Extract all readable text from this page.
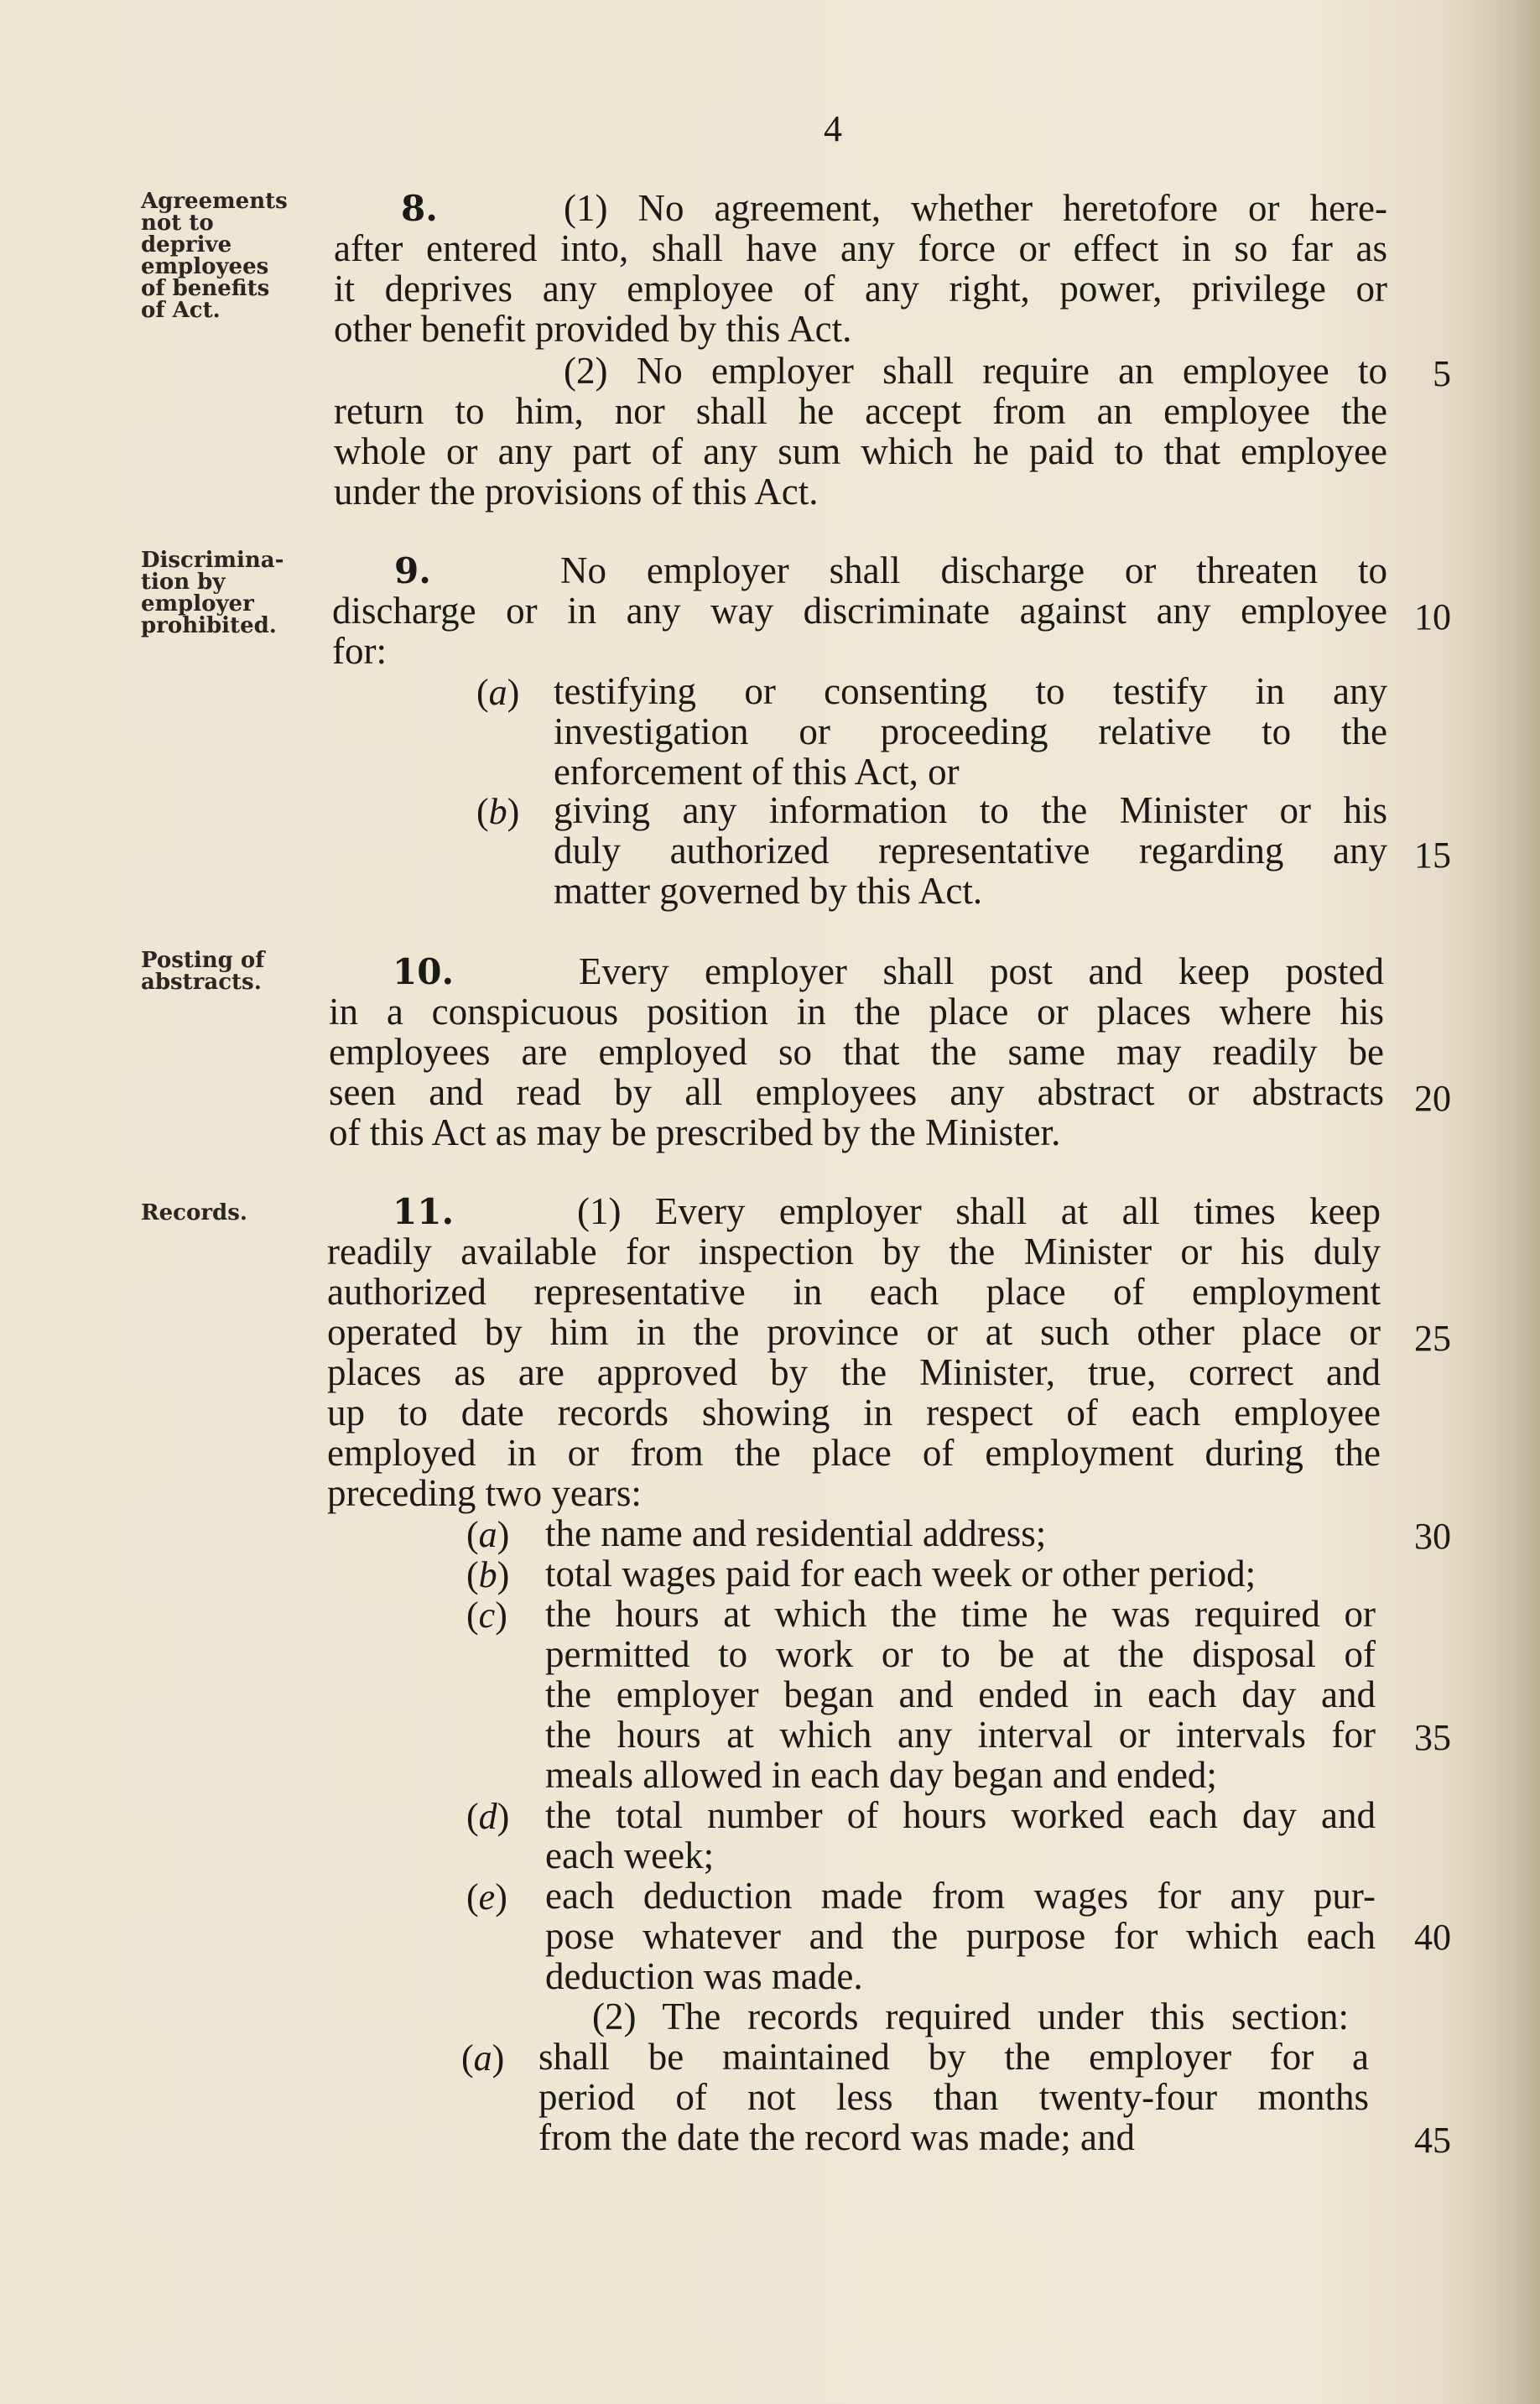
4
Agreements
not to
deprive
employees
of benefits
of Act.
Discrimina-
tion by
employer
prohibited.
Posting of
abstracts.
Records.
8.	(1) No agreement, whether heretofore or here-
after entered into, shall have any force or effect in so far as
it deprives any employee of any right, power, privilege or
other benefit provided by this Act.
(2) No employer shall require an employee to
return to him, nor shall he accept from an employee the
whole or any part of any sum which he paid to that employee
under the provisions of this Act.
9.	No employer shall discharge or threaten to
discharge or in any way discriminate against any employee
for:
(a) testifying or consenting to testify in any
investigation or proceeding relative to the
enforcement of this Act, or
(b) giving any information to the Minister or his
duly authorized representative regarding any
matter governed by this Act.
10.	Every employer shall post and keep posted
in a conspicuous position in the place or places where his
employees are employed so that the same may readily be
seen and read by all employees any abstract or abstracts
of this Act as may be prescribed by the Minister.
11.	(1) Every employer shall at all times keep
readily available for inspection by the Minister or his duly
authorized representative in each place of employment
operated by him in the province or at such other place or
places as are approved by the Minister, true, correct and
up to date records showing in respect of each employee
employed in or from the place of employment during the
preceding two years:
(a) the name and residential address;
(b) total wages paid for each week or other period;
(c) the hours at which the time he was required or
permitted to work or to be at the disposal of
the employer began and ended in each day and
the hours at which any interval or intervals for
meals allowed in each day began and ended;
(d) the total number of hours worked each day and
each week;
(e) each deduction made from wages for any pur-
pose whatever and the purpose for which each
deduction was made.
(2) The records required under this section:
(a) shall be maintained by the employer for a
period of not less than twenty-four months
from the date the record was made; and
5
10
15
20
25
30
35
40
45
